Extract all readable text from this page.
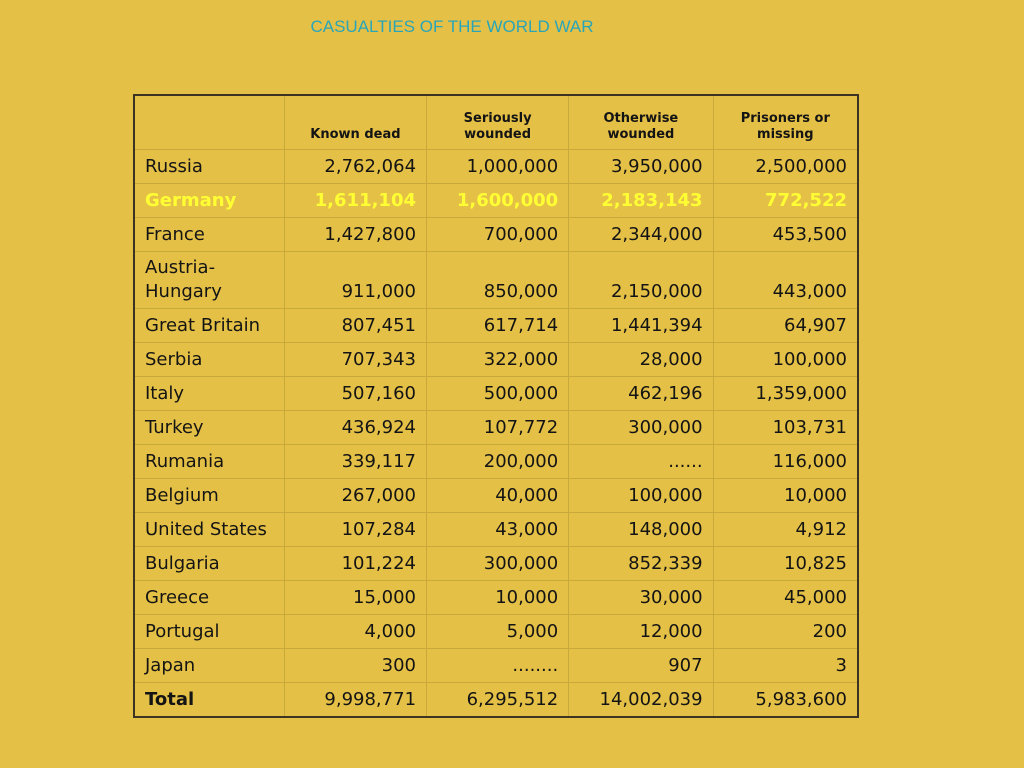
CASUALTIES OF THE WORLD WAR
	Known dead	Seriously wounded	Otherwise wounded	Prisoners or missing
Russia	2,762,064	1,000,000	3,950,000	2,500,000
Germany	1,611,104	1,600,000	2,183,143	772,522
France	1,427,800	700,000	2,344,000	453,500
Austria-Hungary	911,000	850,000	2,150,000	443,000
Great Britain	807,451	617,714	1,441,394	64,907
Serbia	707,343	322,000	28,000	100,000
Italy	507,160	500,000	462,196	1,359,000
Turkey	436,924	107,772	300,000	103,731
Rumania	339,117	200,000	......	116,000
Belgium	267,000	40,000	100,000	10,000
United States	107,284	43,000	148,000	4,912
Bulgaria	101,224	300,000	852,339	10,825
Greece	15,000	10,000	30,000	45,000
Portugal	4,000	5,000	12,000	200
Japan	300	........	907	3
Total	9,998,771	6,295,512	14,002,039	5,983,600
